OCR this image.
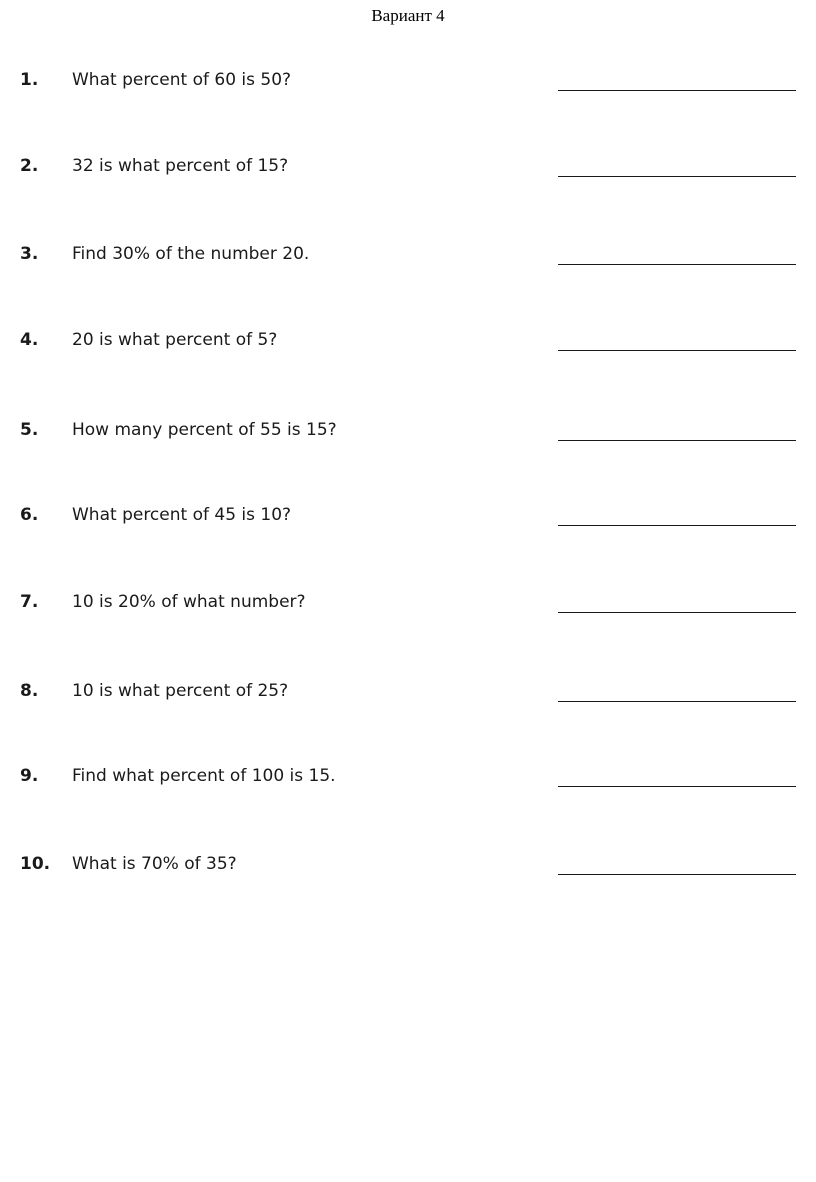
Вариант 4
1. What percent of 60 is 50?
2. 32 is what percent of 15?
3. Find 30% of the number 20.
4. 20 is what percent of 5?
5. How many percent of 55 is 15?
6. What percent of 45 is 10?
7. 10 is 20% of what number?
8. 10 is what percent of 25?
9. Find what percent of 100 is 15.
10. What is 70% of 35?
